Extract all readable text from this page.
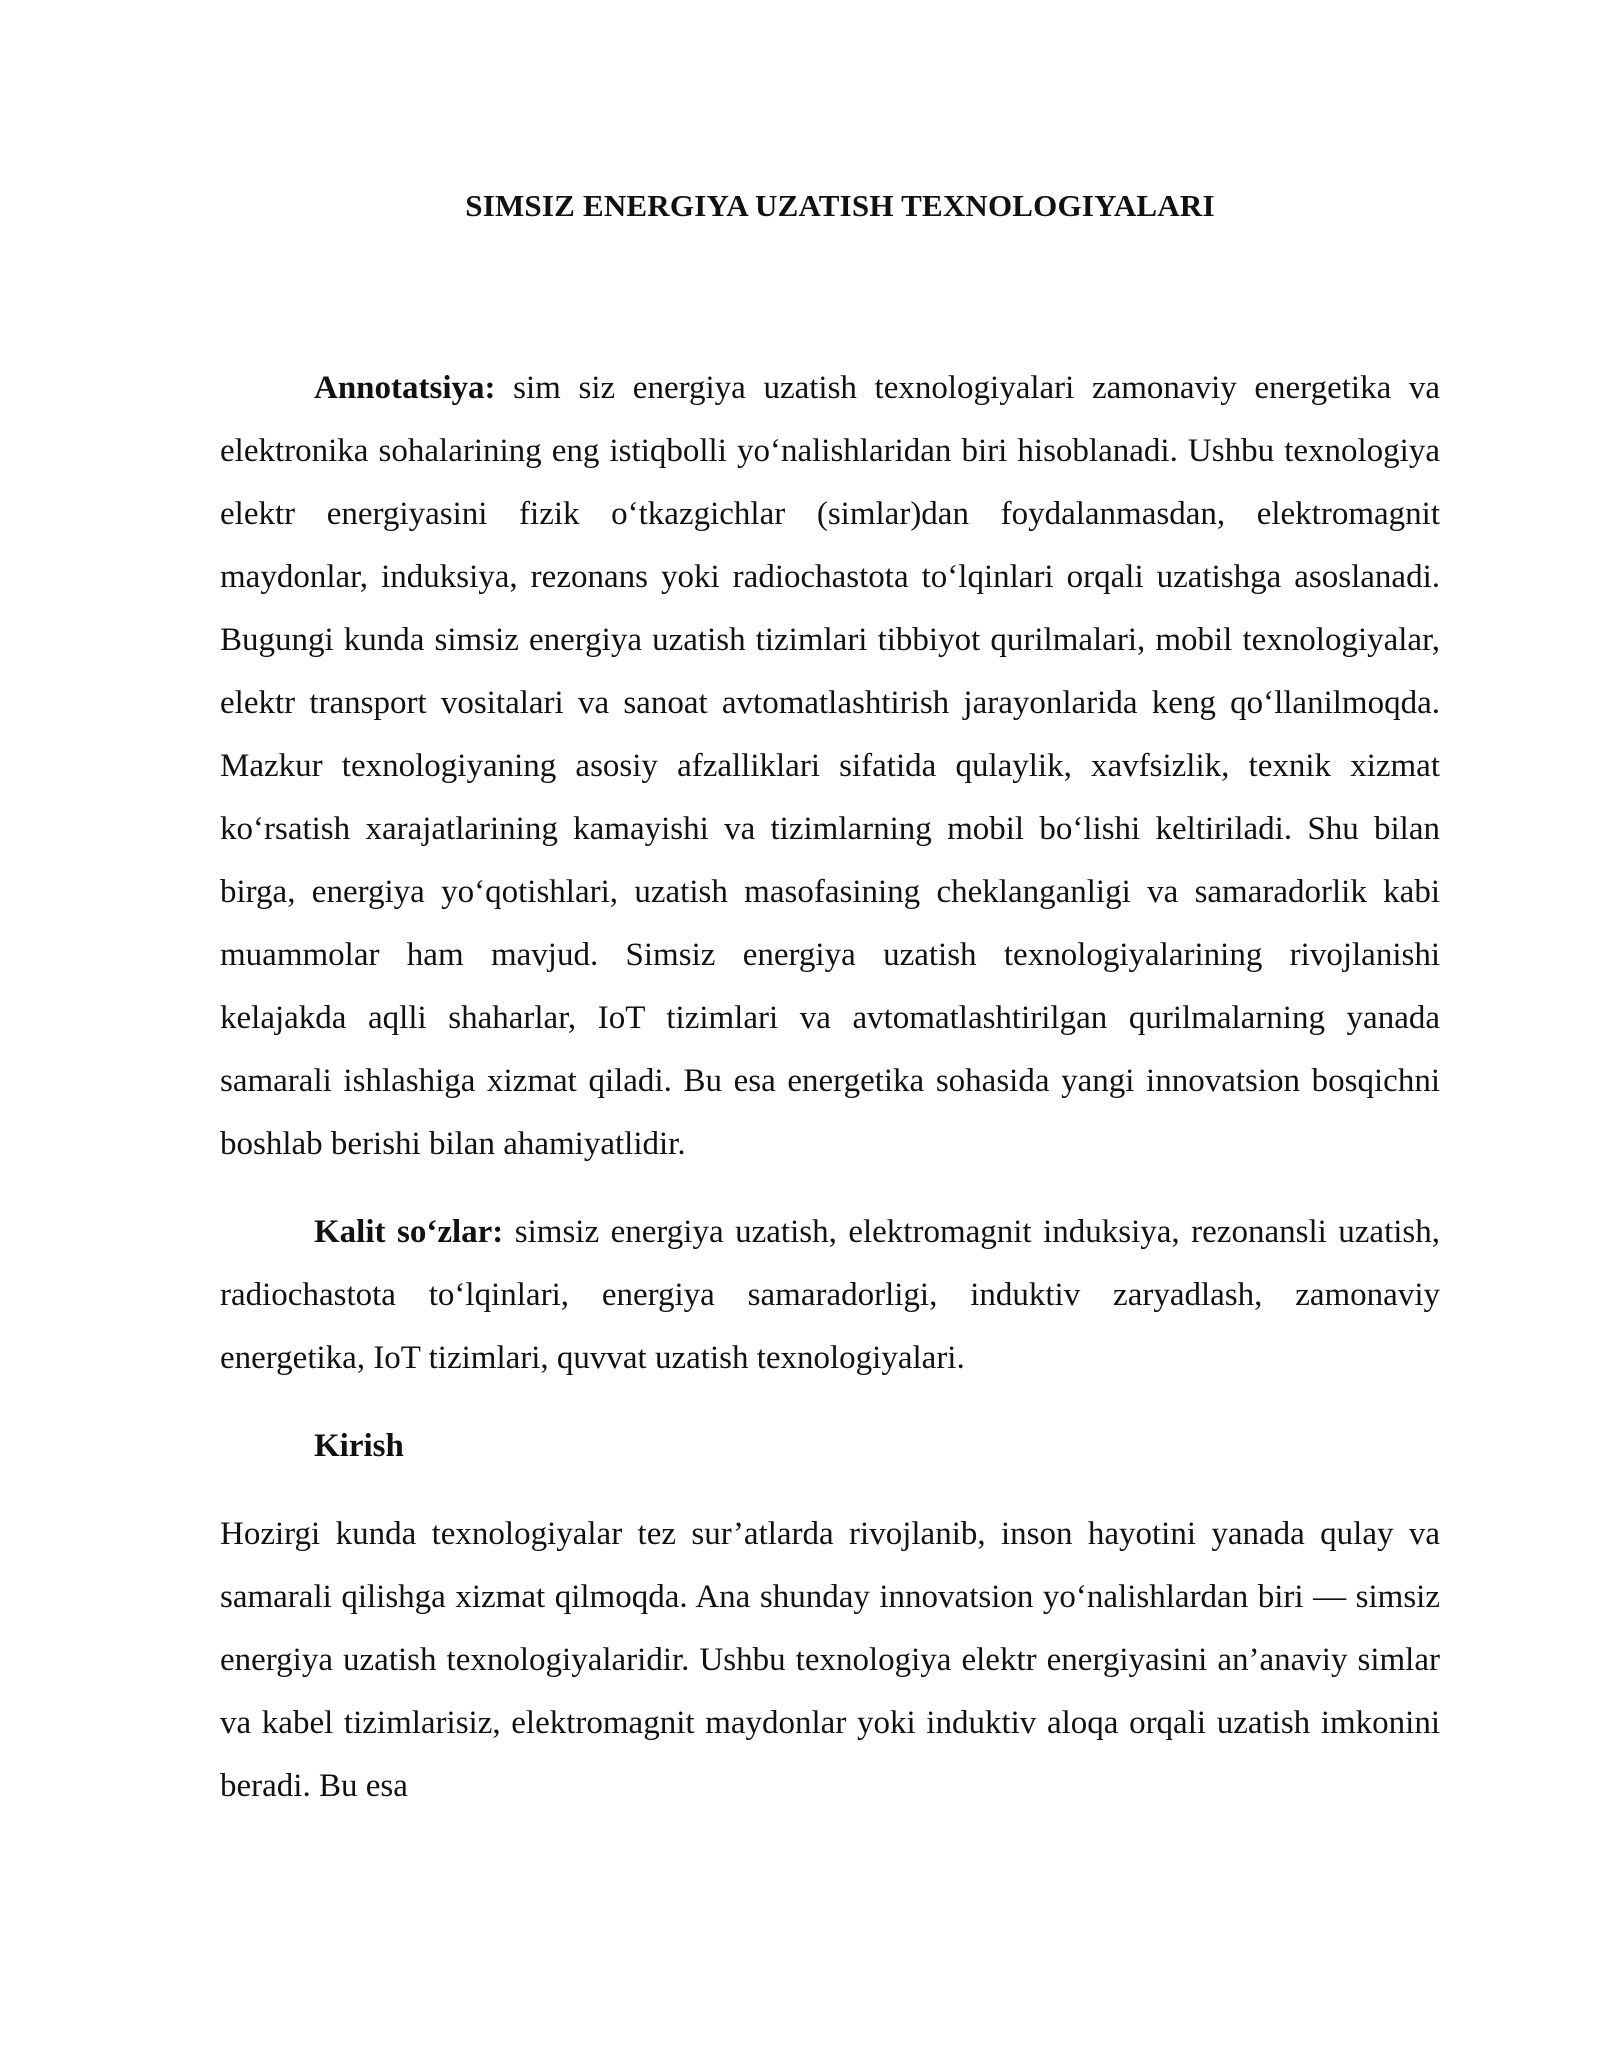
SIMSIZ ENERGIYA UZATISH TEXNOLOGIYALARI

Annotatsiya: sim siz energiya uzatish texnologiyalari zamonaviy energetika va elektronika sohalarining eng istiqbolli yo‘nalishlaridan biri hisoblanadi. Ushbu texnologiya elektr energiyasini fizik o‘tkazgichlar (simlar)dan foydalanmasdan, elektromagnit maydonlar, induksiya, rezonans yoki radiochastota to‘lqinlari orqali uzatishga asoslanadi. Bugungi kunda simsiz energiya uzatish tizimlari tibbiyot qurilmalari, mobil texnologiyalar, elektr transport vositalari va sanoat avtomatlashtirish jarayonlarida keng qo‘llanilmoqda. Mazkur texnologiyaning asosiy afzalliklari sifatida qulaylik, xavfsizlik, texnik xizmat ko‘rsatish xarajatlarining kamayishi va tizimlarning mobil bo‘lishi keltiriladi. Shu bilan birga, energiya yo‘qotishlari, uzatish masofasining cheklanganligi va samaradorlik kabi muammolar ham mavjud. Simsiz energiya uzatish texnologiyalarining rivojlanishi kelajakda aqlli shaharlar, IoT tizimlari va avtomatlashtirilgan qurilmalarning yanada samarali ishlashiga xizmat qiladi. Bu esa energetika sohasida yangi innovatsion bosqichni boshlab berishi bilan ahamiyatlidir.

Kalit so‘zlar: simsiz energiya uzatish, elektromagnit induksiya, rezonansli uzatish, radiochastota to‘lqinlari, energiya samaradorligi, induktiv zaryadlash, zamonaviy energetika, IoT tizimlari, quvvat uzatish texnologiyalari.

Kirish

Hozirgi kunda texnologiyalar tez sur’atlarda rivojlanib, inson hayotini yanada qulay va samarali qilishga xizmat qilmoqda. Ana shunday innovatsion yo‘nalishlardan biri — simsiz energiya uzatish texnologiyalaridir. Ushbu texnologiya elektr energiyasini an’anaviy simlar va kabel tizimlarisiz, elektromagnit maydonlar yoki induktiv aloqa orqali uzatish imkonini beradi. Bu esa
